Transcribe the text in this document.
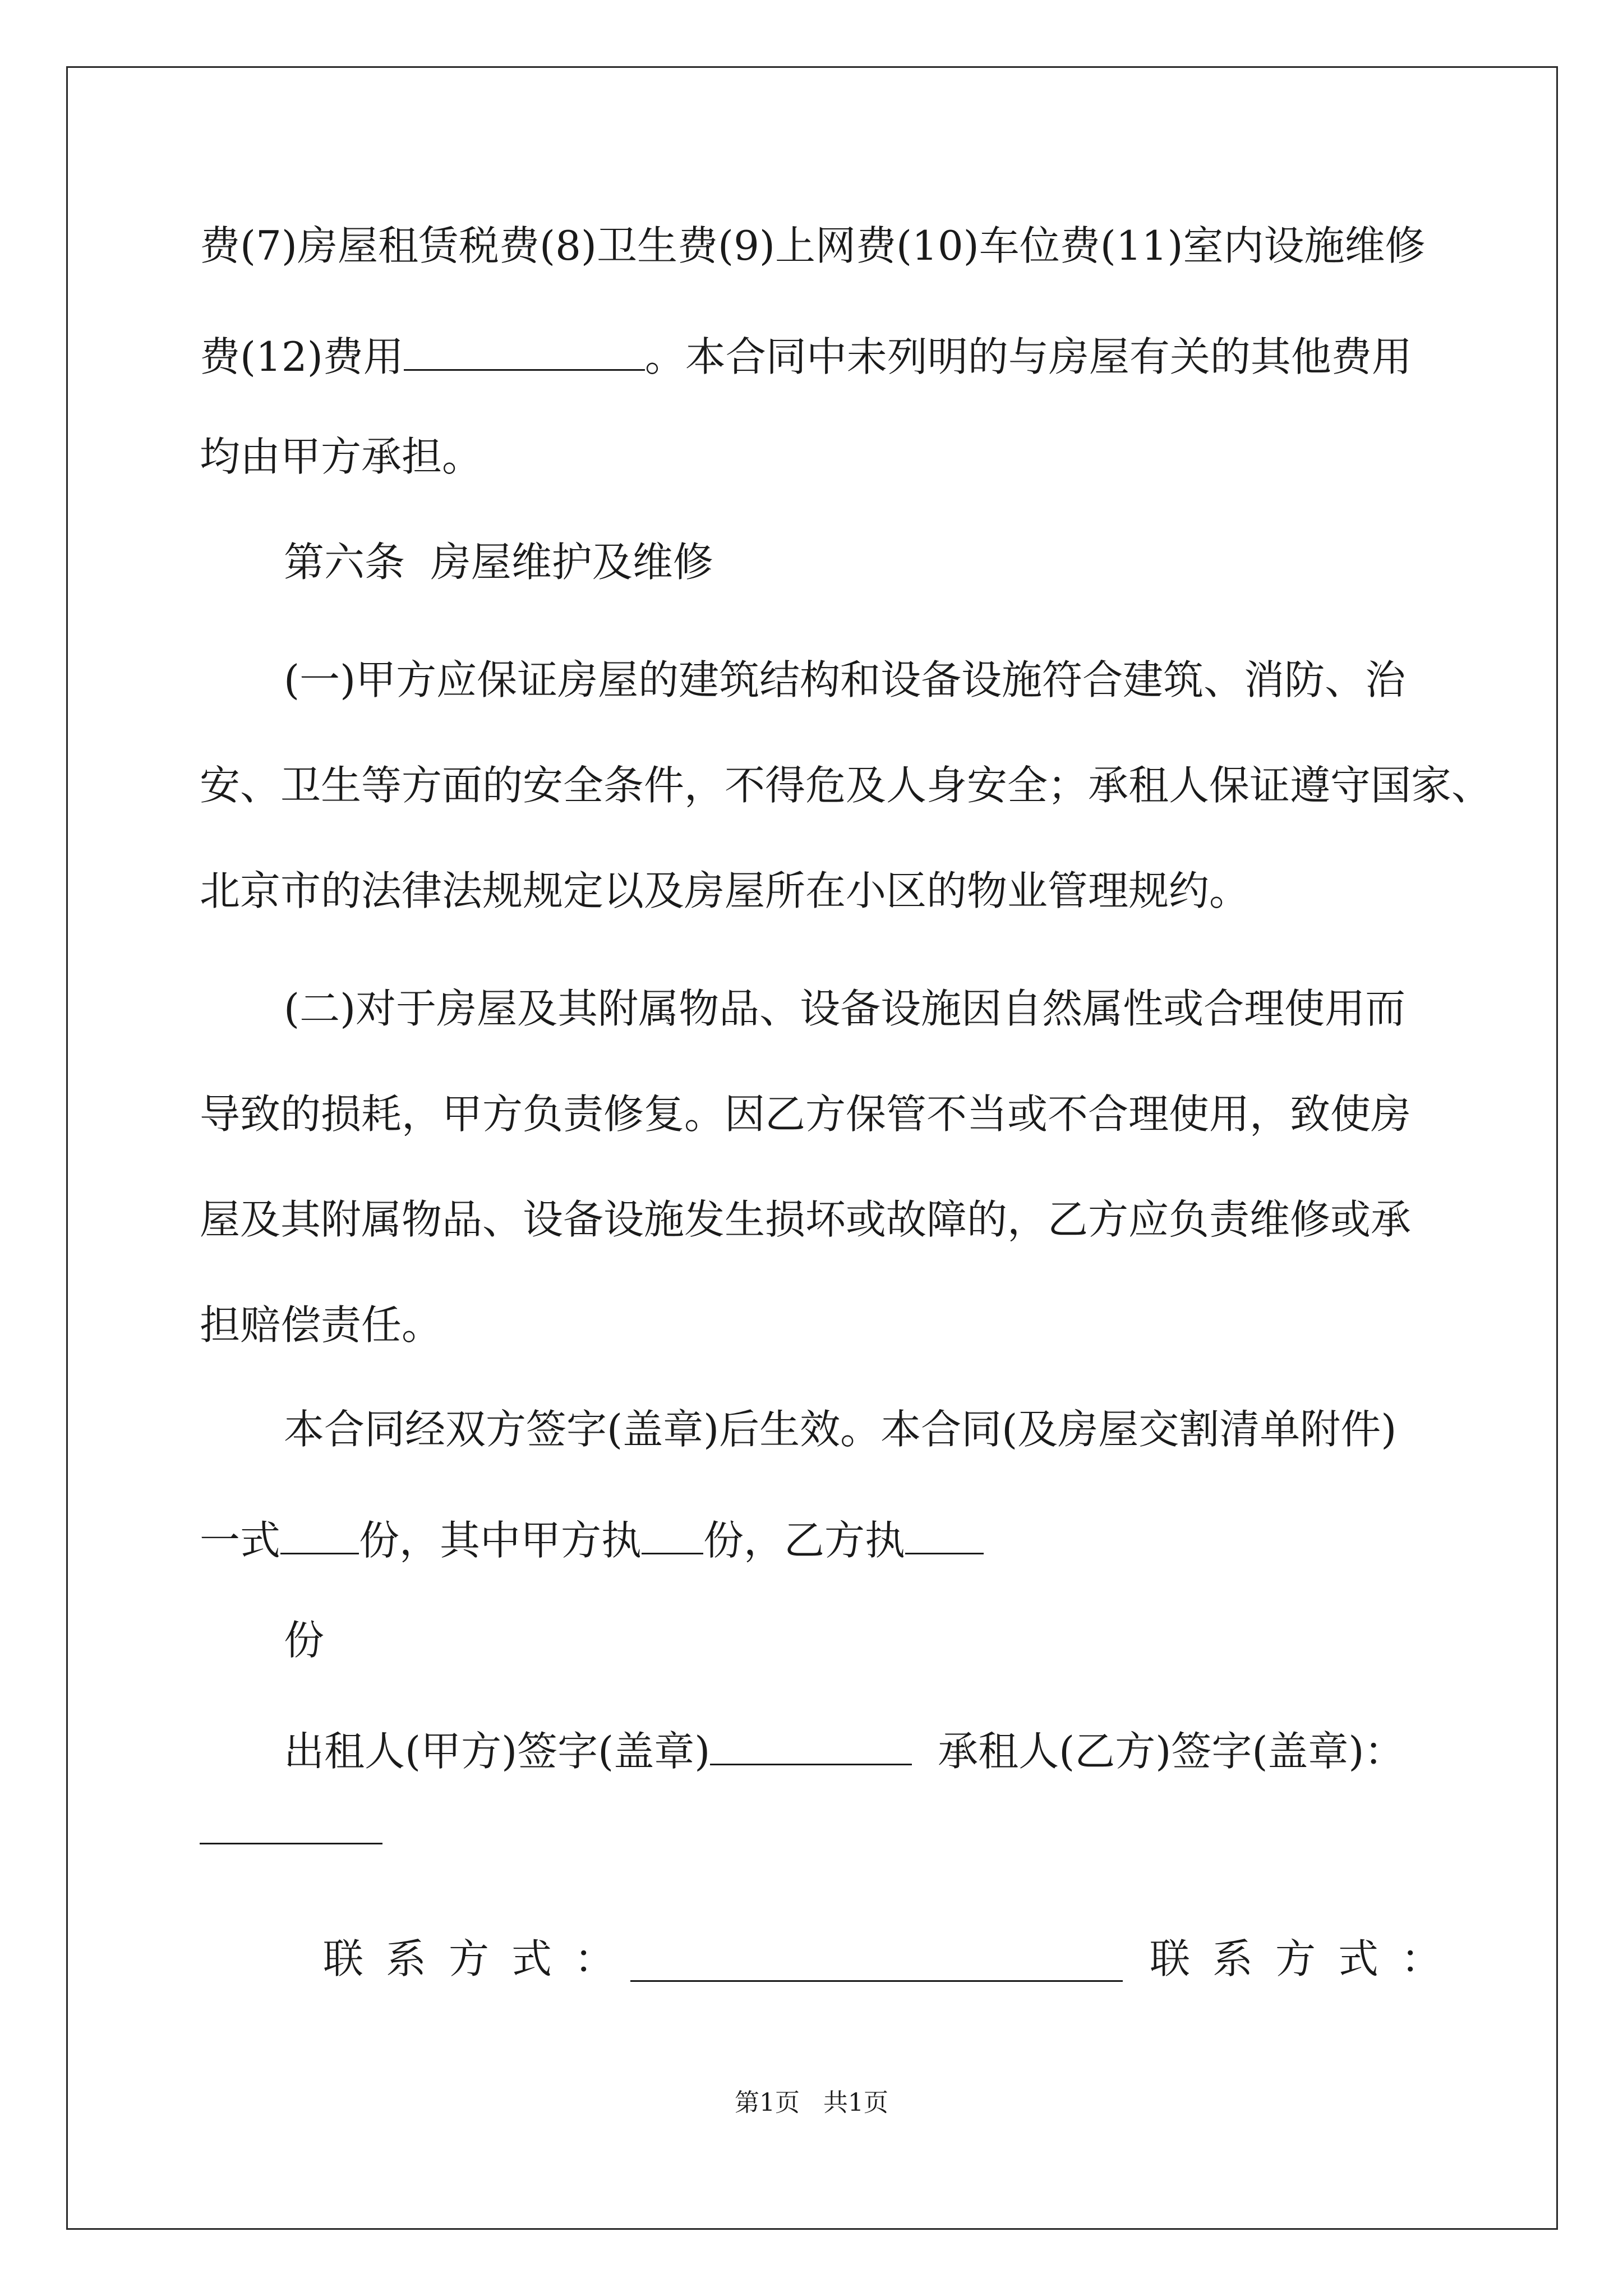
费(7)房屋租赁税费(8)卫生费(9)上网费(10)车位费(11)室内设施维修
费(12)费用	。本合同中未列明的与房屋有关的其他费用
均由甲方承担。
第六条  房屋维护及维修
(一)甲方应保证房屋的建筑结构和设备设施符合建筑、消防、治
安、卫生等方面的安全条件，不得危及人身安全；承租人保证遵守国家、
北京市的法律法规规定以及房屋所在小区的物业管理规约。
(二)对于房屋及其附属物品、设备设施因自然属性或合理使用而
导致的损耗，甲方负责修复。因乙方保管不当或不合理使用，致使房
屋及其附属物品、设备设施发生损坏或故障的，乙方应负责维修或承
担赔偿责任。
本合同经双方签字(盖章)后生效。本合同(及房屋交割清单附件)
一式 份，其中甲方执 份，乙方执
份
出租人(甲方)签字(盖章)	承租人(乙方)签字(盖章)：
联系方式：	联系方式：
第1页   共1页
